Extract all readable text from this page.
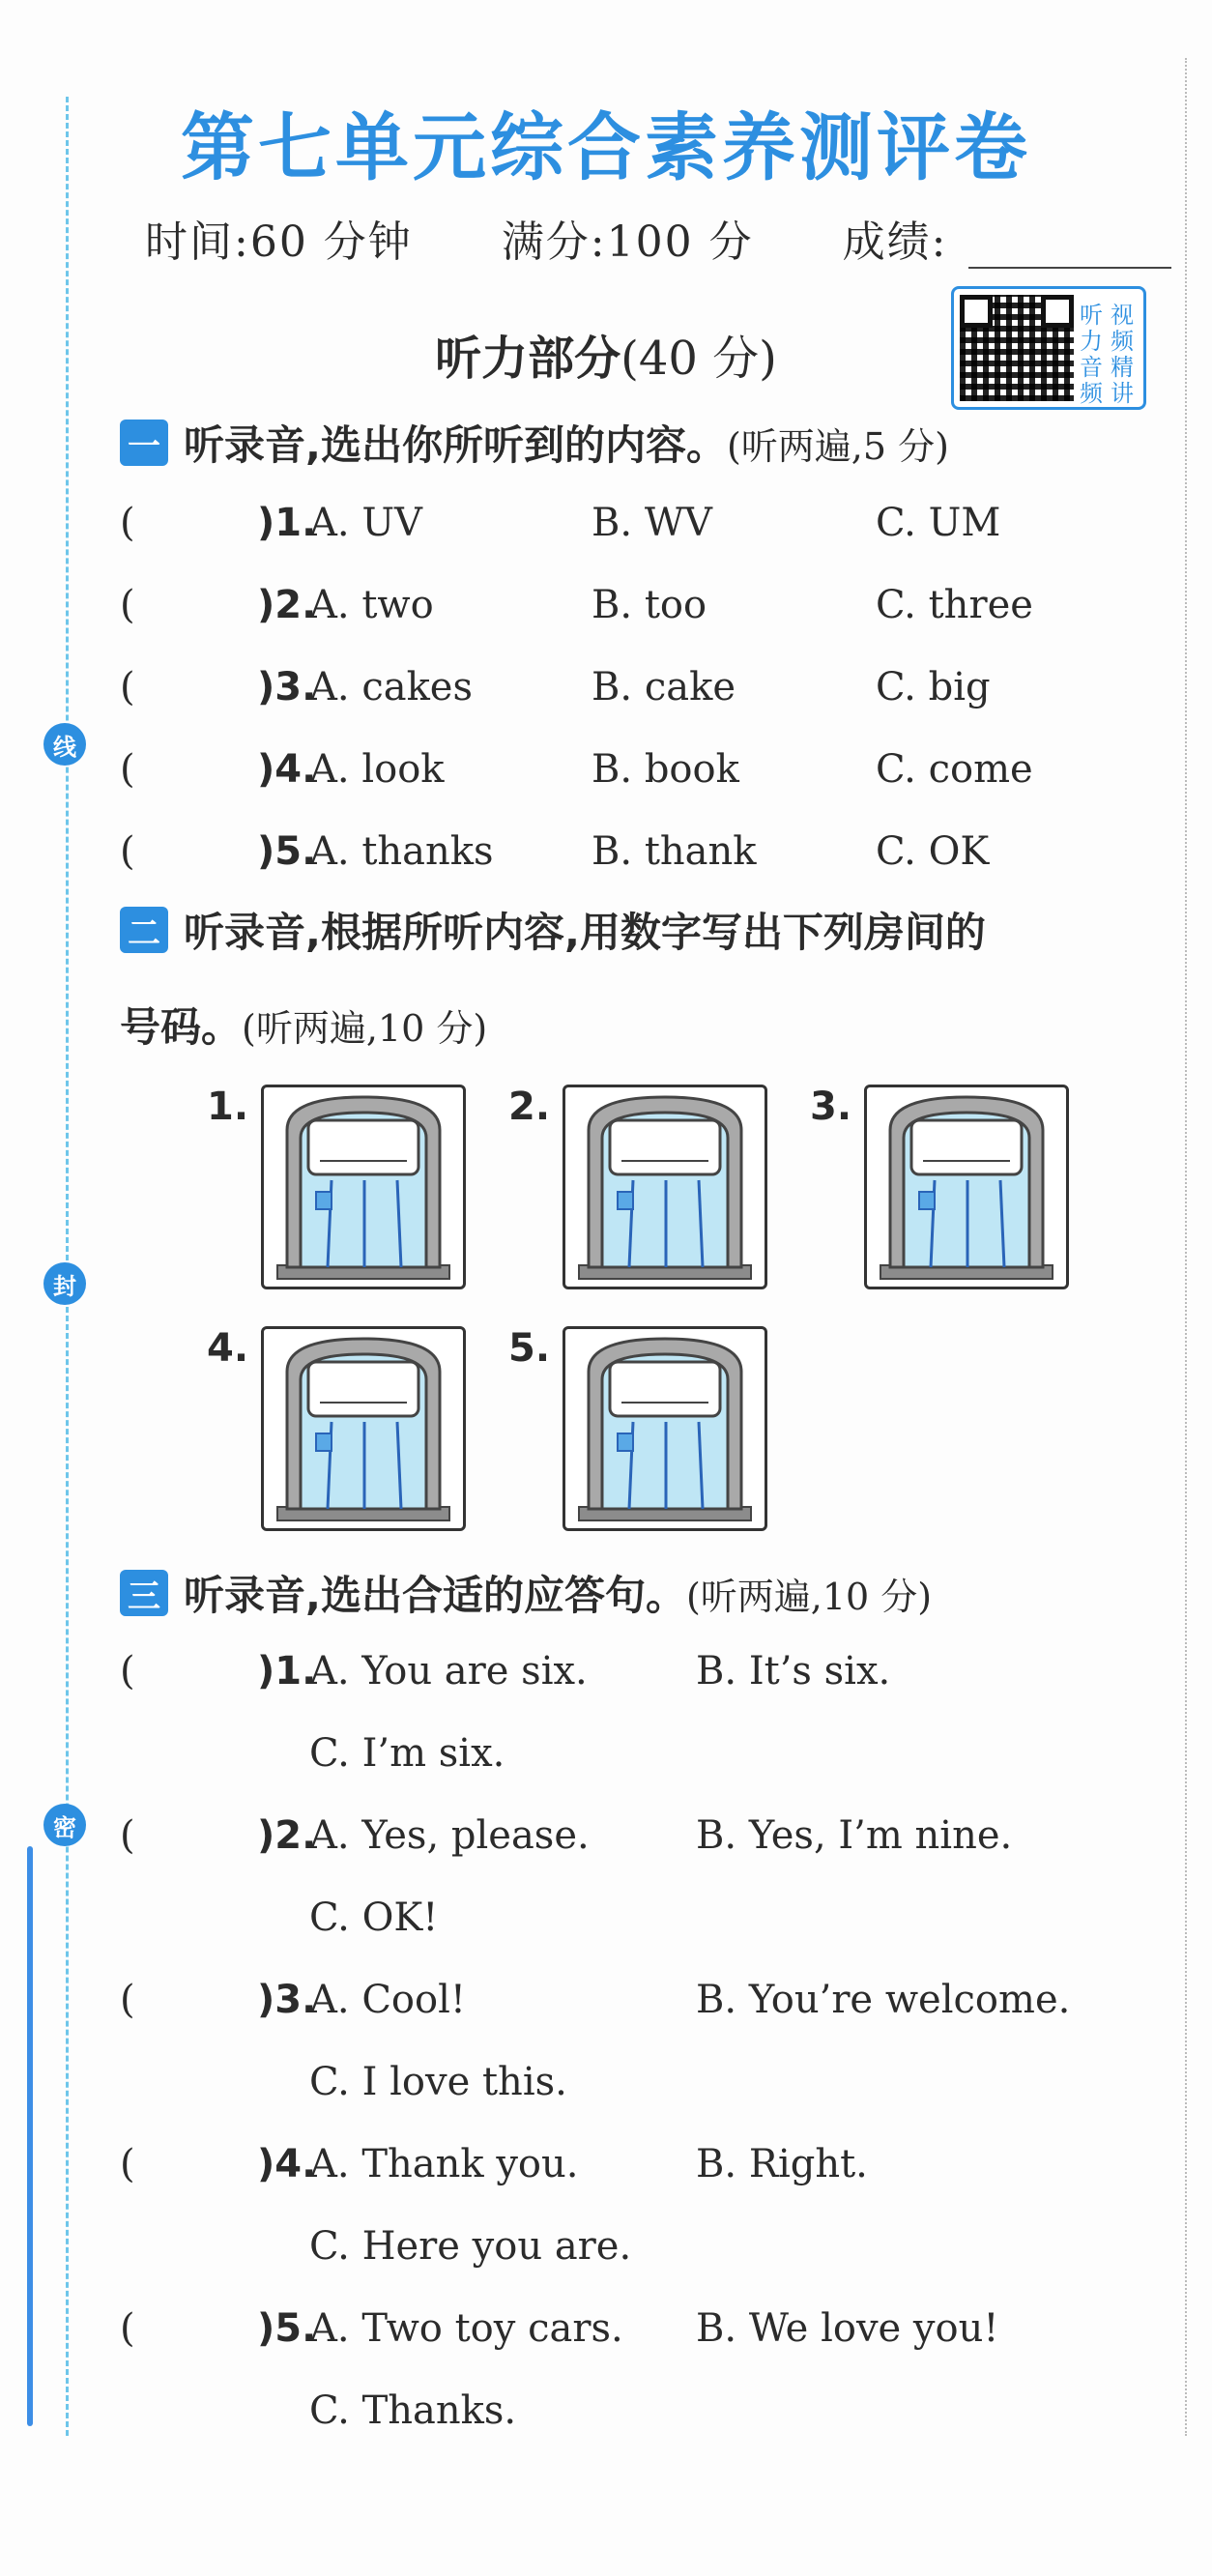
线
封
密
第七单元综合素养测评卷
时间:60 分钟 满分:100 分 成绩:
听力部分(40 分)
听 视
力 频
音 精
频 讲
一 听录音,选出你所听到的内容。 (听两遍,5 分)
(	)1.
A. UV	B. WV	C. UM
(	)2.
A. two	B. too	C. three
(	)3.
A. cakes	B. cake	C. big
(	)4.
A. look	B. book	C. come
(	)5.
A. thanks	B. thank	C. OK
二 听录音,根据所听内容,用数字写出下列房间的
号码。(听两遍,10 分)
1.	2.	3.
4.	5.
三 听录音,选出合适的应答句。 (听两遍,10 分)
(	)1.
A. You are six.	B. It’s six.
C. I’m six.
(	)2.
A. Yes, please.	B. Yes, I’m nine.
C. OK!
(	)3.
A. Cool!	B. You’re welcome.
C. I love this.
(	)4.
A. Thank you.	B. Right.
C. Here you are.
(	)5.
A. Two toy cars. B. We love you!
C. Thanks.
